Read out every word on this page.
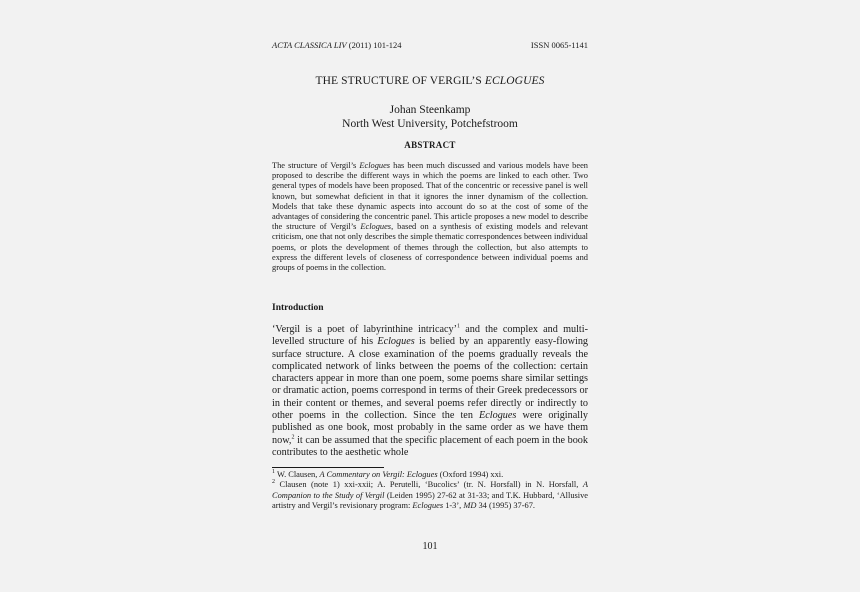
ACTA CLASSICA LIV (2011) 101-124	ISSN 0065-1141
THE STRUCTURE OF VERGIL’S ECLOGUES
Johan Steenkamp
North West University, Potchefstroom
ABSTRACT

The structure of Vergil’s Eclogues has been much discussed and various models have been proposed to describe the different ways in which the poems are linked to each other. Two general types of models have been proposed. That of the concentric or recessive panel is well known, but somewhat deficient in that it ignores the inner dynamism of the collection. Models that take these dynamic aspects into account do so at the cost of some of the advantages of considering the concentric panel. This article proposes a new model to describe the structure of Vergil’s Eclogues, based on a synthesis of existing models and relevant criticism, one that not only describes the simple thematic correspondences between individual poems, or plots the development of themes through the collection, but also attempts to express the different levels of closeness of correspondence between individual poems and groups of poems in the collection.

Introduction

‘Vergil is a poet of labyrinthine intricacy’$^1$ and the complex and multi-levelled structure of his Eclogues is belied by an apparently easy-flowing surface structure. A close examination of the poems gradually reveals the complicated network of links between the poems of the collection: certain characters appear in more than one poem, some poems share similar settings or dramatic action, poems correspond in terms of their Greek predecessors or in their content or themes, and several poems refer directly or indirectly to other poems in the collection. Since the ten Eclogues were originally published as one book, most probably in the same order as we have them now,$^2$ it can be assumed that the specific placement of each poem in the book contributes to the aesthetic whole

$^1$ W. Clausen, A Commentary on Vergil: Eclogues (Oxford 1994) xxi.

$^2$ Clausen (note 1) xxi-xxii; A. Perutelli, ‘Bucolics’ (tr. N. Horsfall) in N. Horsfall, A Companion to the Study of Vergil (Leiden 1995) 27-62 at 31-33; and T.K. Hubbard, ‘Allusive artistry and Vergil’s revisionary program: Eclogues 1-3’, MD 34 (1995) 37-67.

101
